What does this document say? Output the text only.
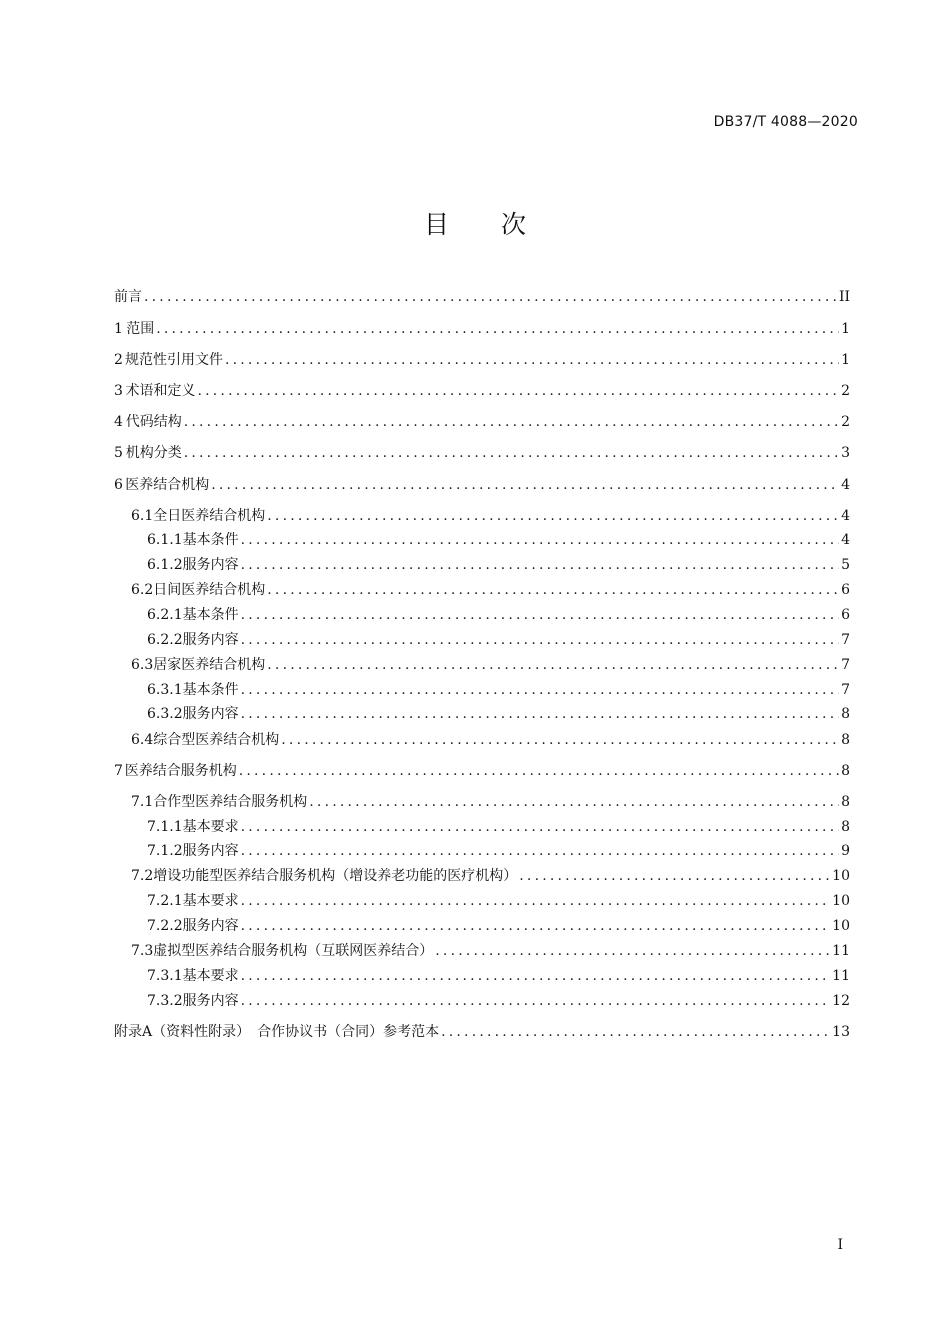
DB37/T 4088—2020
目 次
前言 .....	II
1 范围 .....	1
2 规范性引用文件 .....	1
3 术语和定义 .....	2
4 代码结构 .....	2
5 机构分类 .....	3
6 医养结合机构 .....	4
6.1 全日医养结合机构 .....	4
6.1.1 基本条件 .....	4
6.1.2 服务内容 .....	5
6.2 日间医养结合机构 .....	6
6.2.1 基本条件 .....	6
6.2.2 服务内容 .....	7
6.3 居家医养结合机构 .....	7
6.3.1 基本条件 .....	7
6.3.2 服务内容 .....	8
6.4 综合型医养结合机构 .....	8
7 医养结合服务机构 .....	8
7.1 合作型医养结合服务机构 .....	8
7.1.1 基本要求 .....	8
7.1.2 服务内容 .....	9
7.2 增设功能型医养结合服务机构（增设养老功能的医疗机构） .....	10
7.2.1 基本要求 .....	10
7.2.2 服务内容 .....	10
7.3 虚拟型医养结合服务机构（互联网医养结合） .....	11
7.3.1 基本要求 .....	11
7.3.2 服务内容 .....	12
附录A（资料性附录）　合作协议书（合同）参考范本 .....	13
I
